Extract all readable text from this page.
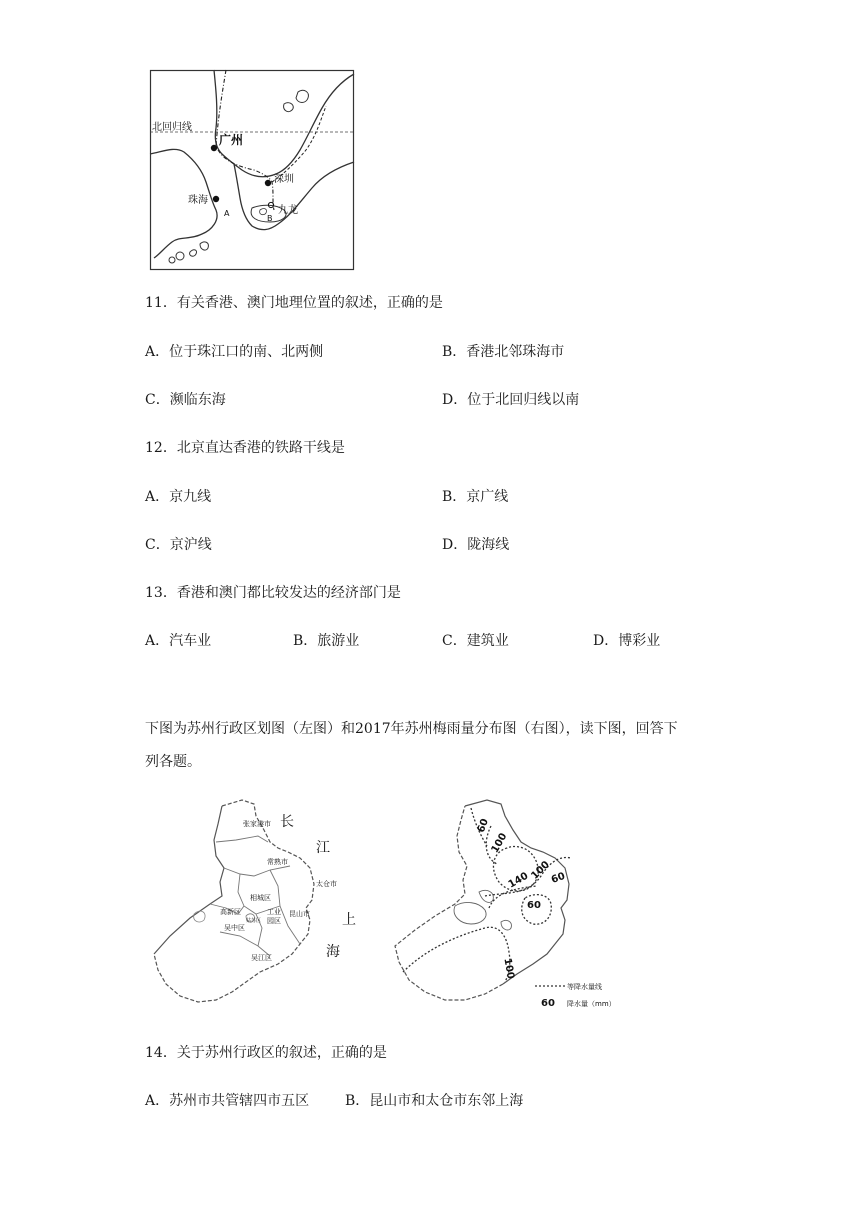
北回归线
广州
深圳
珠海
九龙
A
B
11．有关香港、澳门地理位置的叙述，正确的是
A．位于珠江口的南、北两侧	B．香港北邻珠海市
C．濒临东海	D．位于北回归线以南
12．北京直达香港的铁路干线是
A．京九线	B．京广线
C．京沪线	D．陇海线
13．香港和澳门都比较发达的经济部门是
A．汽车业	B．旅游业	C．建筑业	D．博彩业
下图为苏州行政区划图（左图）和2017年苏州梅雨量分布图（右图），读下图，回答下
列各题。
张家港市
常熟市
太仓市
相城区
高新区
姑苏区
工业
园区
吴中区
昆山市
吴江区
长
江
上
海
60
100
140 100
60
60
100
等降水量线
60 降水量（mm）
14．关于苏州行政区的叙述，正确的是
A．苏州市共管辖四市五区	B．昆山市和太仓市东邻上海
